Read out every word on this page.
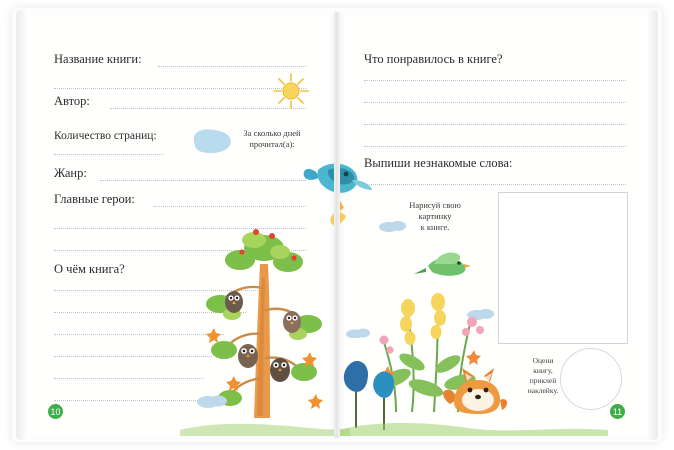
Название книги:
Автор:
Количество страниц:	За сколько дней прочитал(а):
Жанр:
Главные герои:
О чём книга?
10
Что понравилось в книге?
Выпиши незнакомые слова:
Нарисуй свою
картинку
к книге.
Оцени
книгу,
приклей
наклейку.
11
